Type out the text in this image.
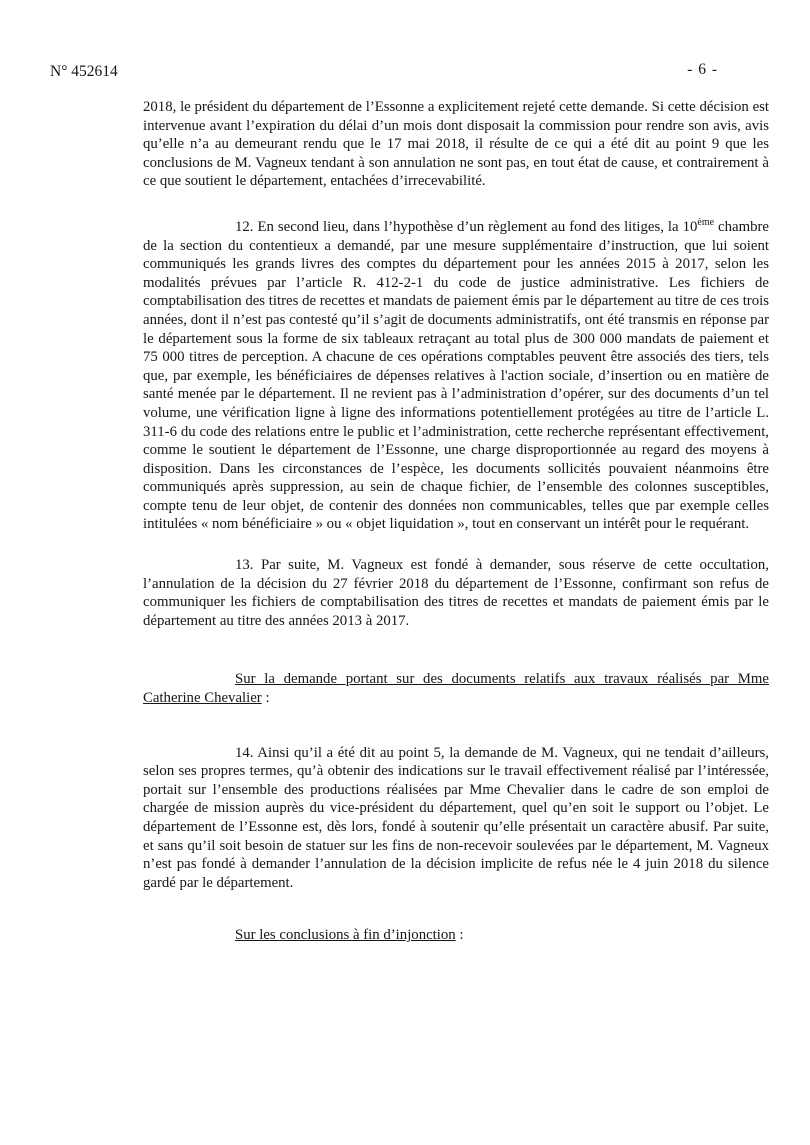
N° 452614	- 6 -

2018, le président du département de l’Essonne a explicitement rejeté cette demande. Si cette décision est intervenue avant l’expiration du délai d’un mois dont disposait la commission pour rendre son avis, avis qu’elle n’a au demeurant rendu que le 17 mai 2018, il résulte de ce qui a été dit au point 9 que les conclusions de M. Vagneux tendant à son annulation ne sont pas, en tout état de cause, et contrairement à ce que soutient le département, entachées d’irrecevabilité.

12. En second lieu, dans l’hypothèse d’un règlement au fond des litiges, la 10ème chambre de la section du contentieux a demandé, par une mesure supplémentaire d’instruction, que lui soient communiqués les grands livres des comptes du département pour les années 2015 à 2017, selon les modalités prévues par l’article R. 412-2-1 du code de justice administrative. Les fichiers de comptabilisation des titres de recettes et mandats de paiement émis par le département au titre de ces trois années, dont il n’est pas contesté qu’il s’agit de documents administratifs, ont été transmis en réponse par le département sous la forme de six tableaux retraçant au total plus de 300 000 mandats de paiement et 75 000 titres de perception. A chacune de ces opérations comptables peuvent être associés des tiers, tels que, par exemple, les bénéficiaires de dépenses relatives à l'action sociale, d’insertion ou en matière de santé menée par le département. Il ne revient pas à l’administration d’opérer, sur des documents d’un tel volume, une vérification ligne à ligne des informations potentiellement protégées au titre de l’article L. 311-6 du code des relations entre le public et l’administration, cette recherche représentant effectivement, comme le soutient le département de l’Essonne, une charge disproportionnée au regard des moyens à disposition. Dans les circonstances de l’espèce, les documents sollicités pouvaient néanmoins être communiqués après suppression, au sein de chaque fichier, de l’ensemble des colonnes susceptibles, compte tenu de leur objet, de contenir des données non communicables, telles que par exemple celles intitulées « nom bénéficiaire » ou « objet liquidation », tout en conservant un intérêt pour le requérant.

13. Par suite, M. Vagneux est fondé à demander, sous réserve de cette occultation, l’annulation de la décision du 27 février 2018 du département de l’Essonne, confirmant son refus de communiquer les fichiers de comptabilisation des titres de recettes et mandats de paiement émis par le département au titre des années 2013 à 2017.

Sur la demande portant sur des documents relatifs aux travaux réalisés par Mme Catherine Chevalier :

14. Ainsi qu’il a été dit au point 5, la demande de M. Vagneux, qui ne tendait d’ailleurs, selon ses propres termes, qu’à obtenir des indications sur le travail effectivement réalisé par l’intéressée, portait sur l’ensemble des productions réalisées par Mme Chevalier dans le cadre de son emploi de chargée de mission auprès du vice-président du département, quel qu’en soit le support ou l’objet. Le département de l’Essonne est, dès lors, fondé à soutenir qu’elle présentait un caractère abusif. Par suite, et sans qu’il soit besoin de statuer sur les fins de non-recevoir soulevées par le département, M. Vagneux n’est pas fondé à demander l’annulation de la décision implicite de refus née le 4 juin 2018 du silence gardé par le département.

Sur les conclusions à fin d’injonction :
